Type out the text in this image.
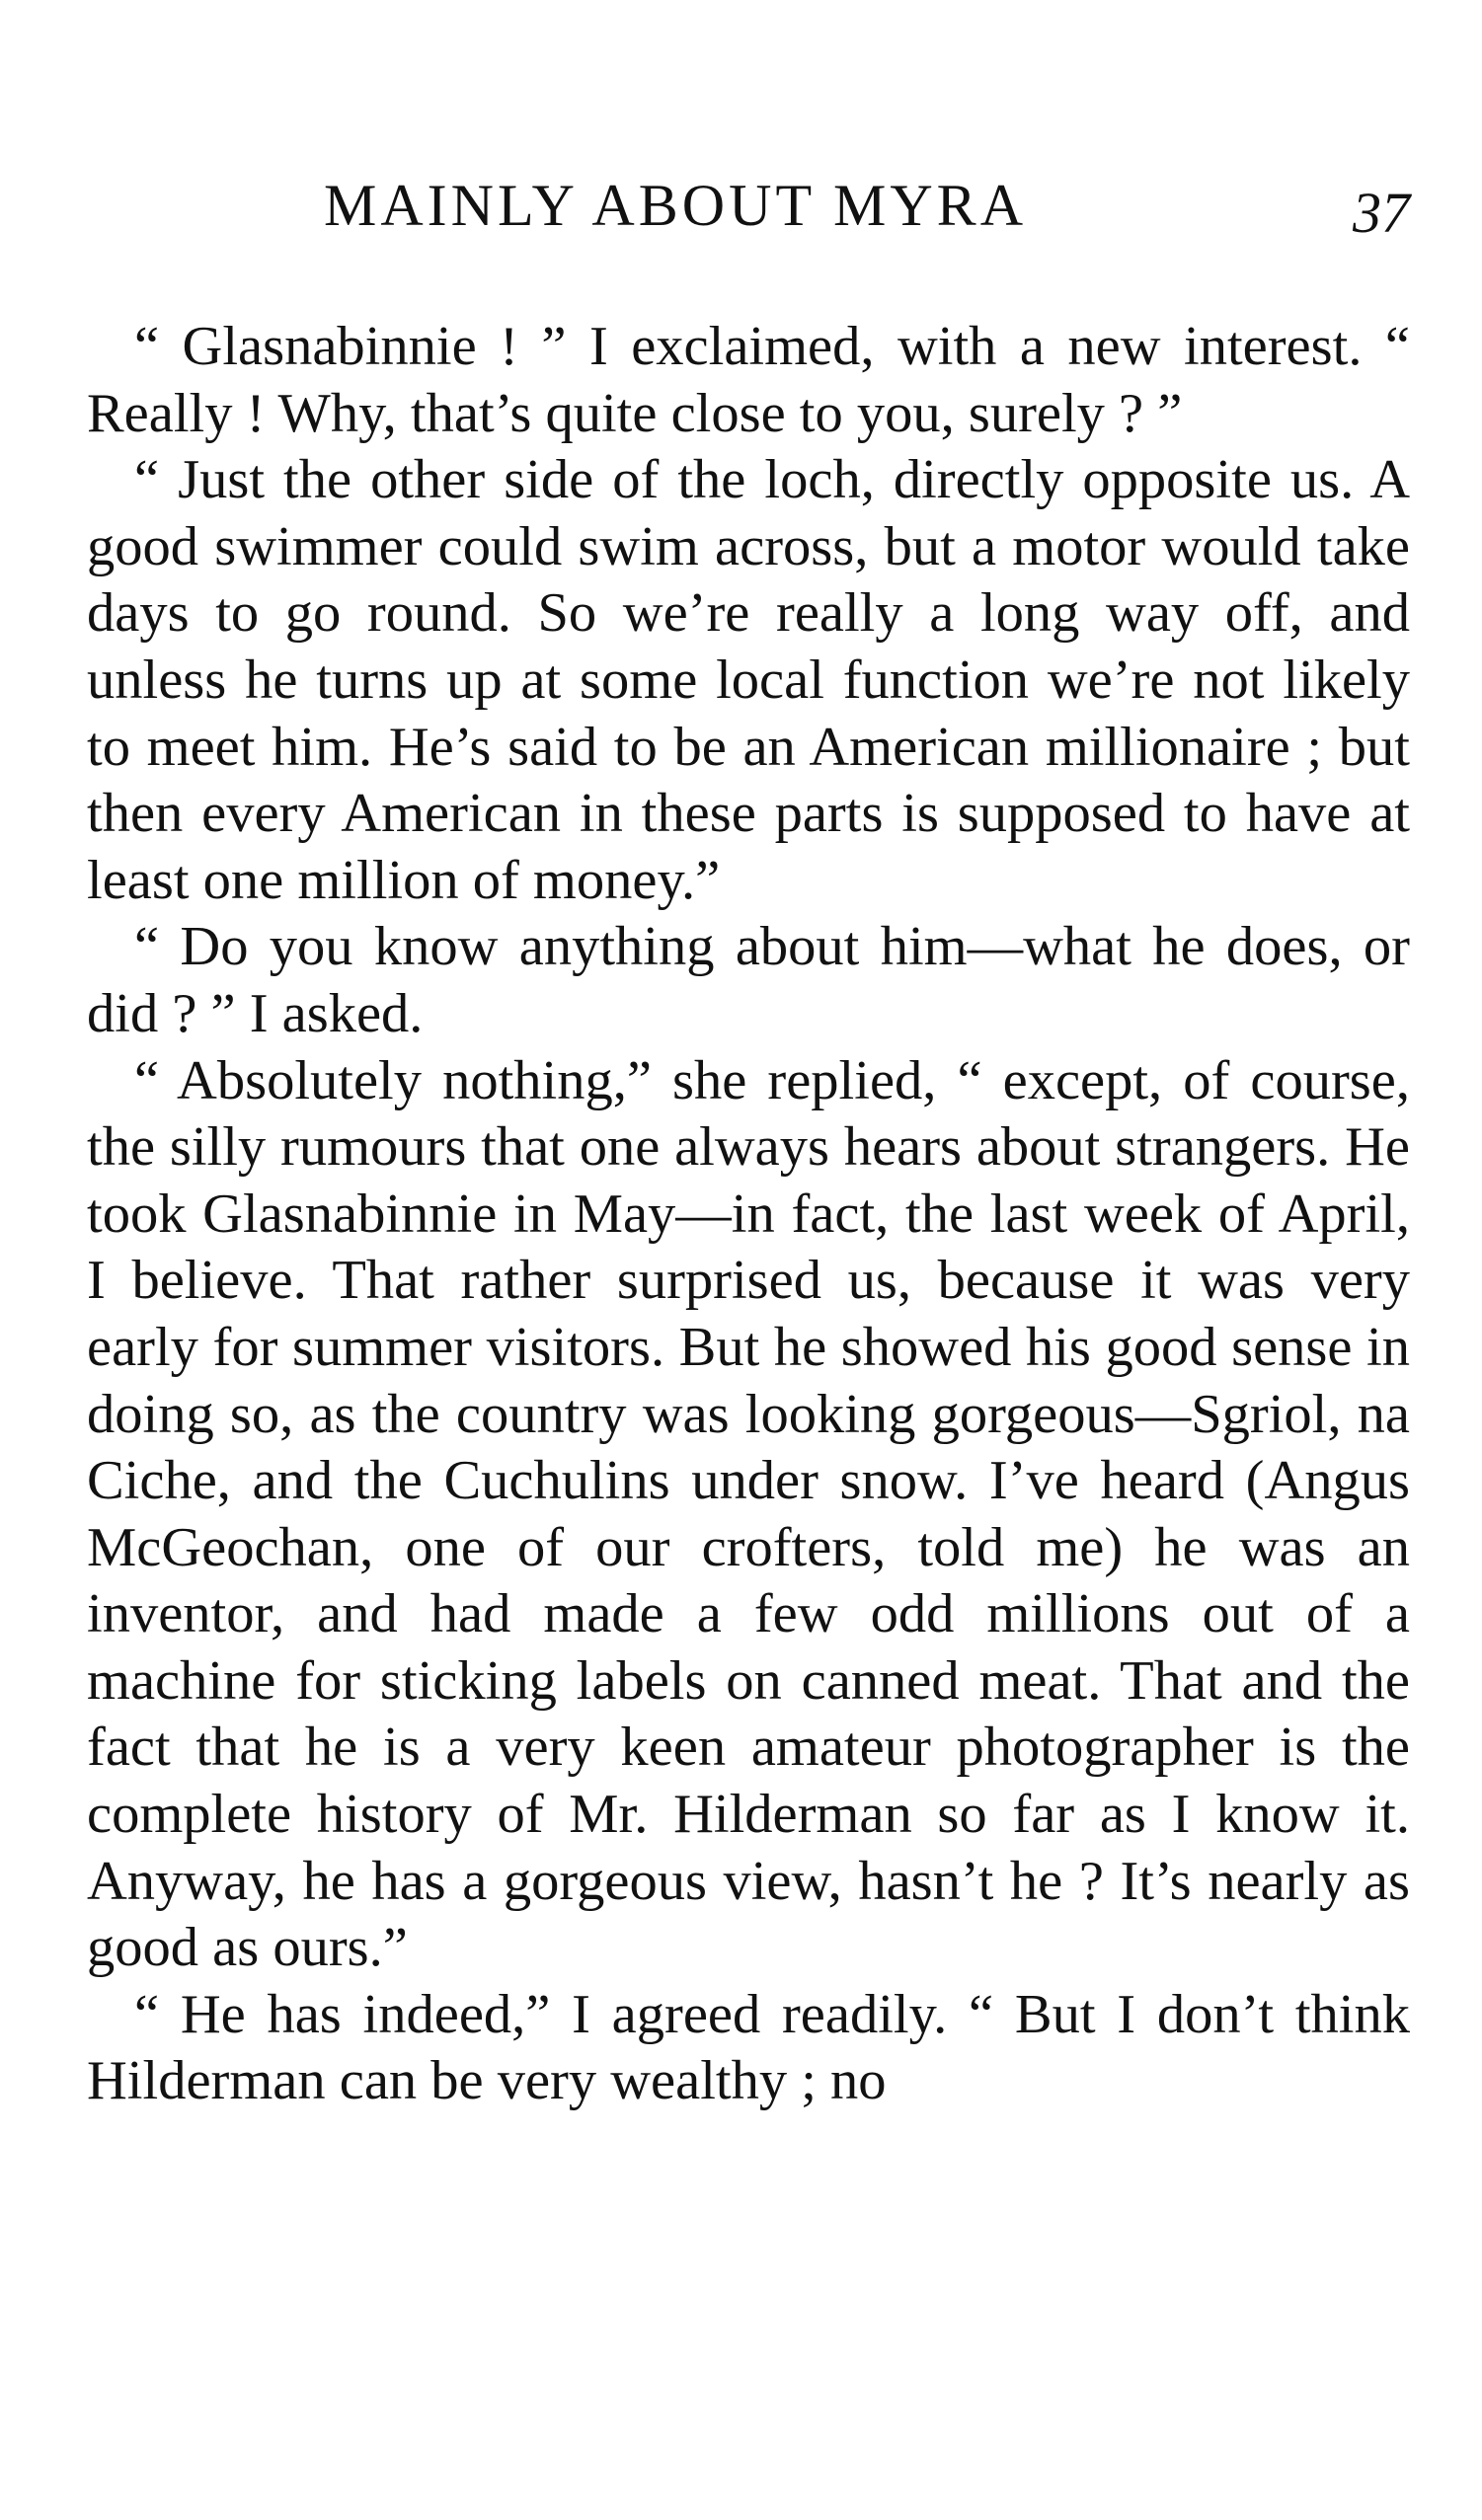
MAINLY ABOUT MYRA	37

“ Glasnabinnie ! ” I exclaimed, with a new interest. “ Really ! Why, that’s quite close to you, surely ? ”

“ Just the other side of the loch, directly opposite us. A good swimmer could swim across, but a motor would take days to go round. So we’re really a long way off, and unless he turns up at some local function we’re not likely to meet him. He’s said to be an American millionaire ; but then every American in these parts is supposed to have at least one million of money.”

“ Do you know anything about him—what he does, or did ? ” I asked.

“ Absolutely nothing,” she replied, “ except, of course, the silly rumours that one always hears about strangers. He took Glasnabinnie in May—in fact, the last week of April, I believe. That rather surprised us, because it was very early for summer visitors. But he showed his good sense in doing so, as the country was looking gorgeous—Sgriol, na Ciche, and the Cuchulins under snow. I’ve heard (Angus McGeochan, one of our crofters, told me) he was an inventor, and had made a few odd millions out of a machine for sticking labels on canned meat. That and the fact that he is a very keen amateur photographer is the complete history of Mr. Hilderman so far as I know it. Anyway, he has a gorgeous view, hasn’t he ? It’s nearly as good as ours.”

“ He has indeed,” I agreed readily. “ But I don’t think Hilderman can be very wealthy ; no
